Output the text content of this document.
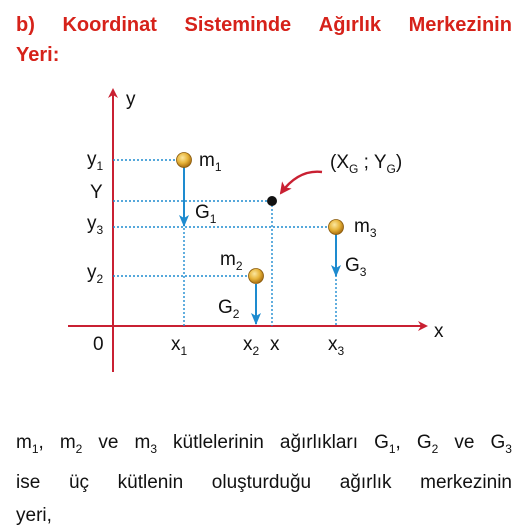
b) Koordinat Sisteminde Ağırlık Merkezinin
Yeri:
y
x
0
$y_1$
Y
$y_3$
$y_2$
$x_1$	$x_2$ x	$x_3$
$m_1$
$m_2$
$m_3$
$G_1$
$G_2$
$G_3$
($X_G$ ; $Y_G$)
$m_1$, $m_2$ ve $m_3$ kütlelerinin ağırlıkları $G_1$, $G_2$ ve $G_3$
ise üç kütlenin oluşturduğu ağırlık merkezinin
yeri,
